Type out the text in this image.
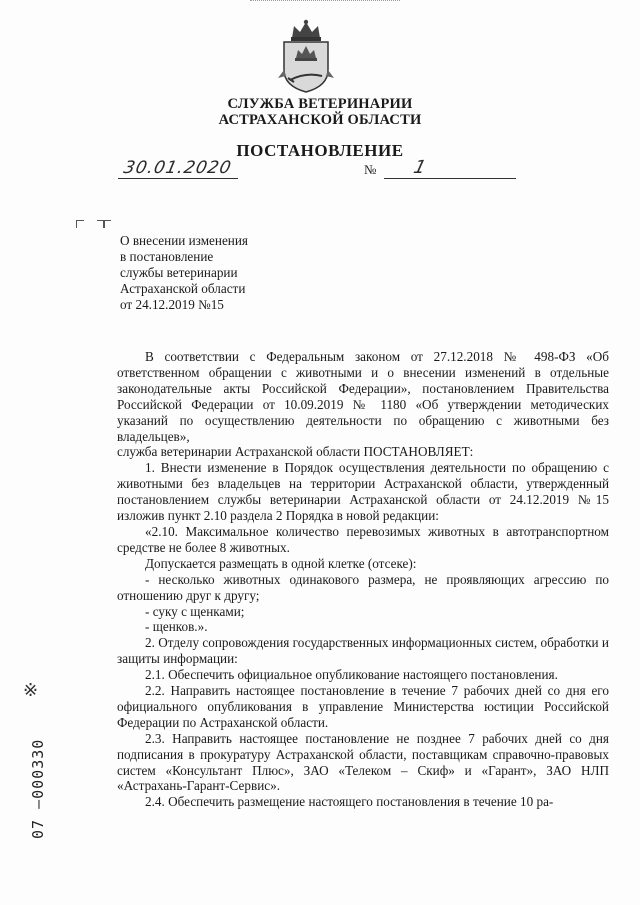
СЛУЖБА ВЕТЕРИНАРИИ
АСТРАХАНСКОЙ ОБЛАСТИ
ПОСТАНОВЛЕНИЕ
30.01.2020	№ 1
О внесении изменения
в постановление
службы ветеринарии
Астраханской области
от 24.12.2019 №15

В соответствии с Федеральным законом от 27.12.2018 № 498-ФЗ «Об ответственном обращении с животными и о внесении изменений в отдельные законодательные акты Российской Федерации», постановлением Правительства Российской Федерации от 10.09.2019 № 1180 «Об утверждении методических указаний по осуществлению деятельности по обращению с животными без владельцев»,

служба ветеринарии Астраханской области ПОСТАНОВЛЯЕТ:

1. Внести изменение в Порядок осуществления деятельности по обращению с животными без владельцев на территории Астраханской области, утвержденный постановлением службы ветеринарии Астраханской области от 24.12.2019 №15 изложив пункт 2.10 раздела 2 Порядка в новой редакции:

«2.10. Максимальное количество перевозимых животных в автотранспортном средстве не более 8 животных.

Допускается размещать в одной клетке (отсеке):

- несколько животных одинакового размера, не проявляющих агрессию по отношению друг к другу;

- суку с щенками;

- щенков.».

2. Отделу сопровождения государственных информационных систем, обработки и защиты информации:

2.1. Обеспечить официальное опубликование настоящего постановления.

2.2. Направить настоящее постановление в течение 7 рабочих дней со дня его официального опубликования в управление Министерства юстиции Российской Федерации по Астраханской области.

2.3. Направить настоящее постановление не позднее 7 рабочих дней со дня подписания в прокуратуру Астраханской области, поставщикам справочно-правовых систем «Консультант Плюс», ЗАО «Телеком – Скиф» и «Гарант», ЗАО НЛП «Астрахань-Гарант-Сервис».

2.4. Обеспечить размещение настоящего постановления в течение 10 ра-

※
07 –000330
